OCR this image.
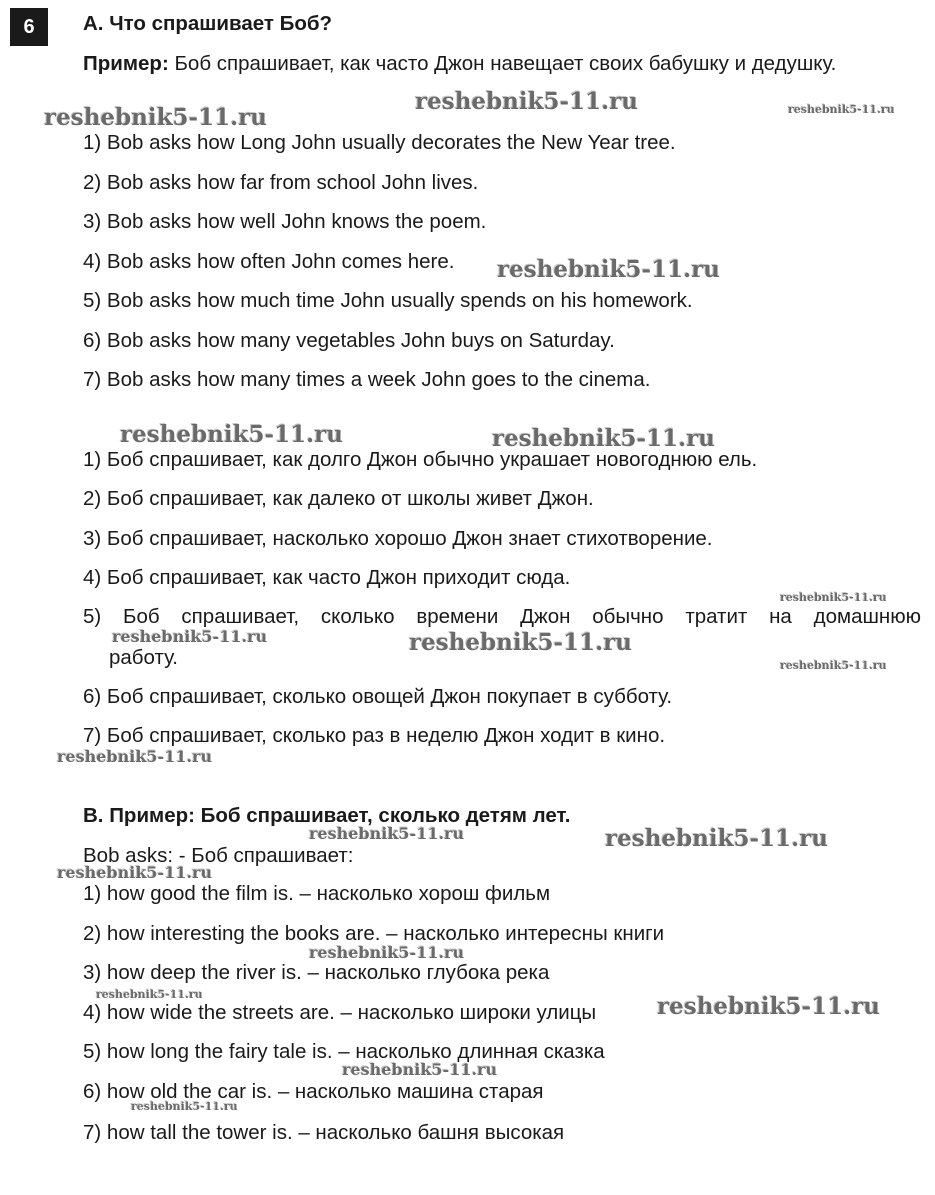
6	A. Что спрашивает Боб?
Пример: Боб спрашивает, как часто Джон навещает своих бабушку и дедушку.
1) Bob asks how Long John usually decorates the New Year tree.
2) Bob asks how far from school John lives.
3) Bob asks how well John knows the poem.
4) Bob asks how often John comes here.
5) Bob asks how much time John usually spends on his homework.
6) Bob asks how many vegetables John buys on Saturday.
7) Bob asks how many times a week John goes to the cinema.
1) Боб спрашивает, как долго Джон обычно украшает новогоднюю ель.
2) Боб спрашивает, как далеко от школы живет Джон.
3) Боб спрашивает, насколько хорошо Джон знает стихотворение.
4) Боб спрашивает, как часто Джон приходит сюда.
5) Боб спрашивает, сколько времени Джон обычно тратит на домашнюю
работу.
6) Боб спрашивает, сколько овощей Джон покупает в субботу.
7) Боб спрашивает, сколько раз в неделю Джон ходит в кино.
B. Пример: Боб спрашивает, сколько детям лет.
Bob asks: - Боб спрашивает:
1) how good the film is. – насколько хорош фильм
2) how interesting the books are. – насколько интересны книги
3) how deep the river is. – насколько глубока река
4) how wide the streets are. – насколько широки улицы
5) how long the fairy tale is. – насколько длинная сказка
6) how old the car is. – насколько машина старая
7) how tall the tower is. – насколько башня высокая
reshebnik5-11.ru
reshebnik5-11.ru	reshebnik5-11.ru
reshebnik5-11.ru
reshebnik5-11.ru	reshebnik5-11.ru
reshebnik5-11.ru
reshebnik5-11.ru	reshebnik5-11.ru
reshebnik5-11.ru
reshebnik5-11.ru
reshebnik5-11.ru	reshebnik5-11.ru
reshebnik5-11.ru
reshebnik5-11.ru
reshebnik5-11.ru	reshebnik5-11.ru
reshebnik5-11.ru
reshebnik5-11.ru
